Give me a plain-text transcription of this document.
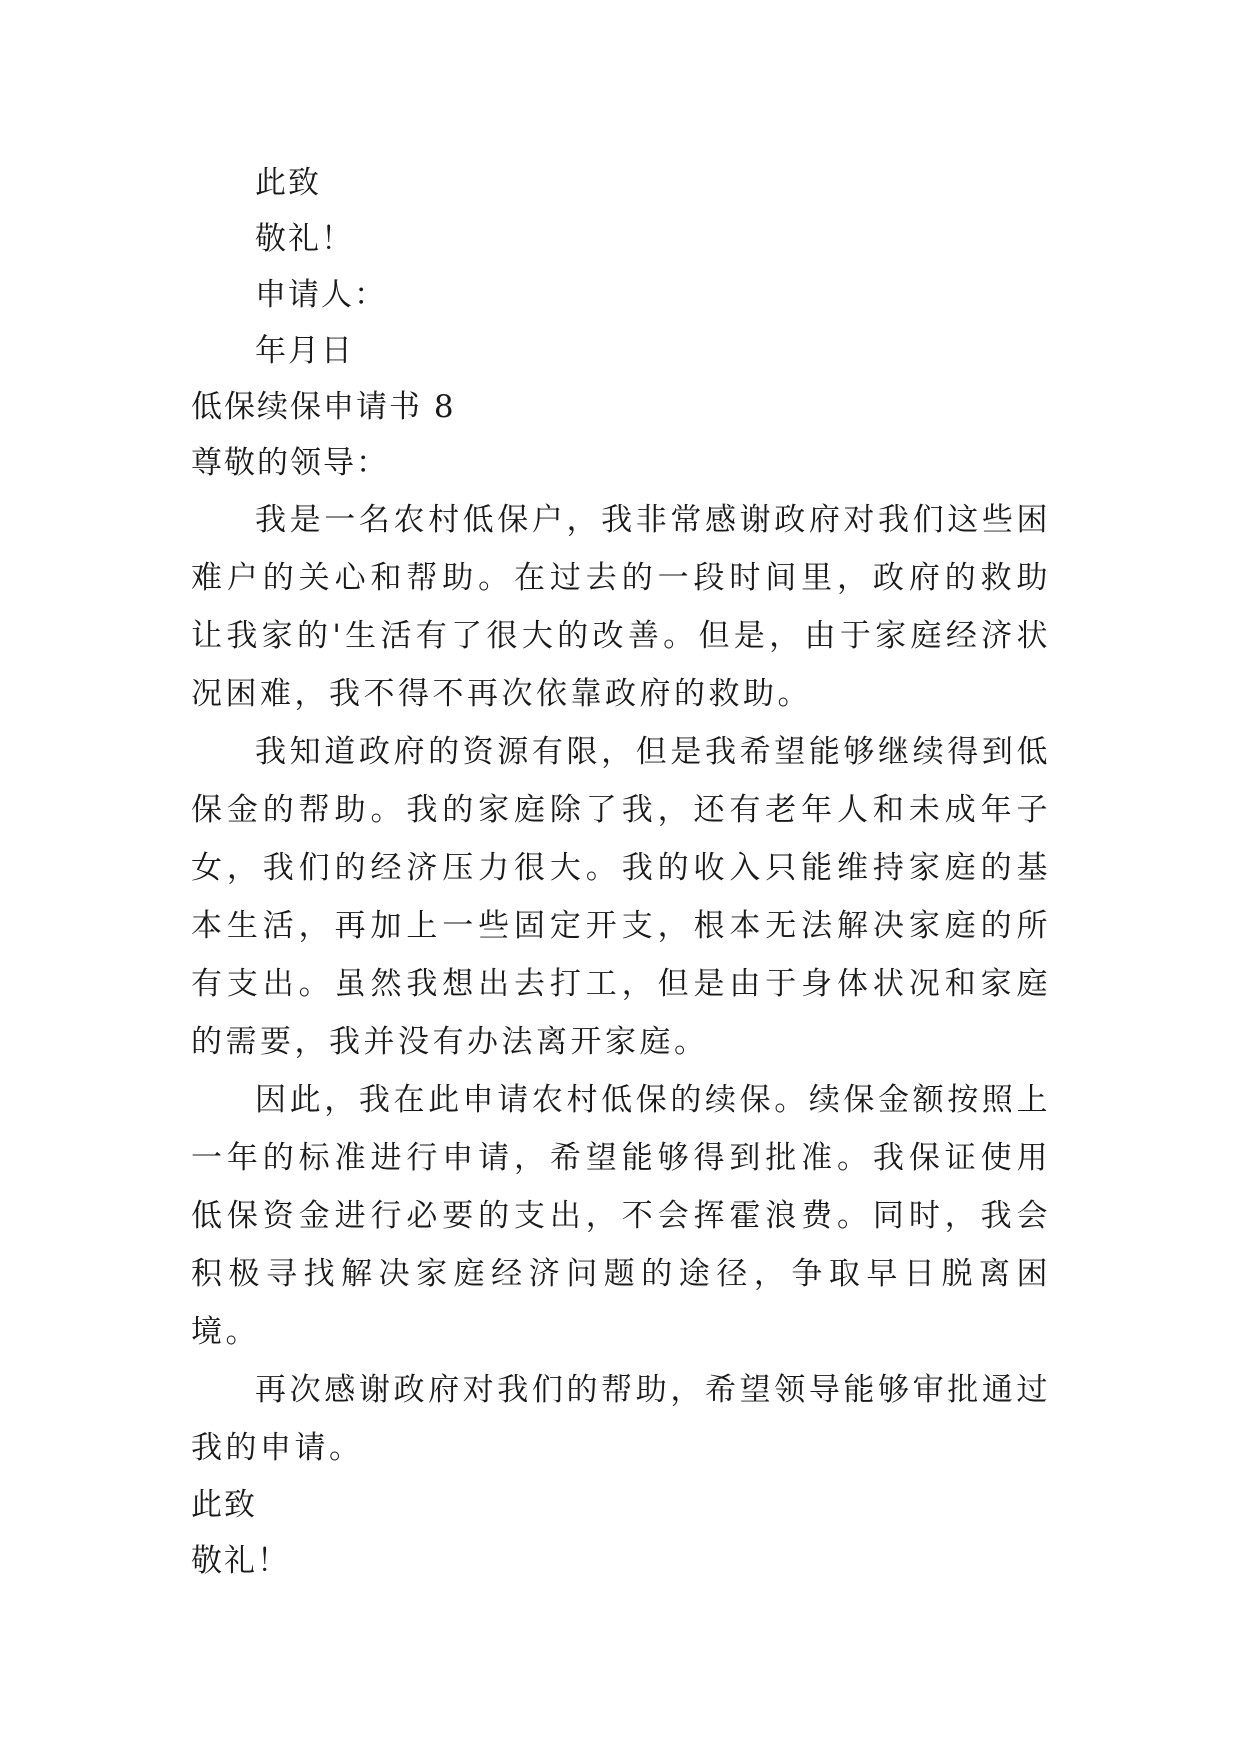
此致
敬礼！
申请人：
年月日
低保续保申请书 8
尊敬的领导：

我是一名农村低保户，我非常感谢政府对我们这些困难户的关心和帮助。在过去的一段时间里，政府的救助让我家的'生活有了很大的改善。但是，由于家庭经济状况困难，我不得不再次依靠政府的救助。

我知道政府的资源有限，但是我希望能够继续得到低保金的帮助。我的家庭除了我，还有老年人和未成年子女，我们的经济压力很大。我的收入只能维持家庭的基本生活，再加上一些固定开支，根本无法解决家庭的所有支出。虽然我想出去打工，但是由于身体状况和家庭的需要，我并没有办法离开家庭。

因此，我在此申请农村低保的续保。续保金额按照上一年的标准进行申请，希望能够得到批准。我保证使用低保资金进行必要的支出，不会挥霍浪费。同时，我会积极寻找解决家庭经济问题的途径，争取早日脱离困境。

再次感谢政府对我们的帮助，希望领导能够审批通过我的申请。

此致
敬礼！
